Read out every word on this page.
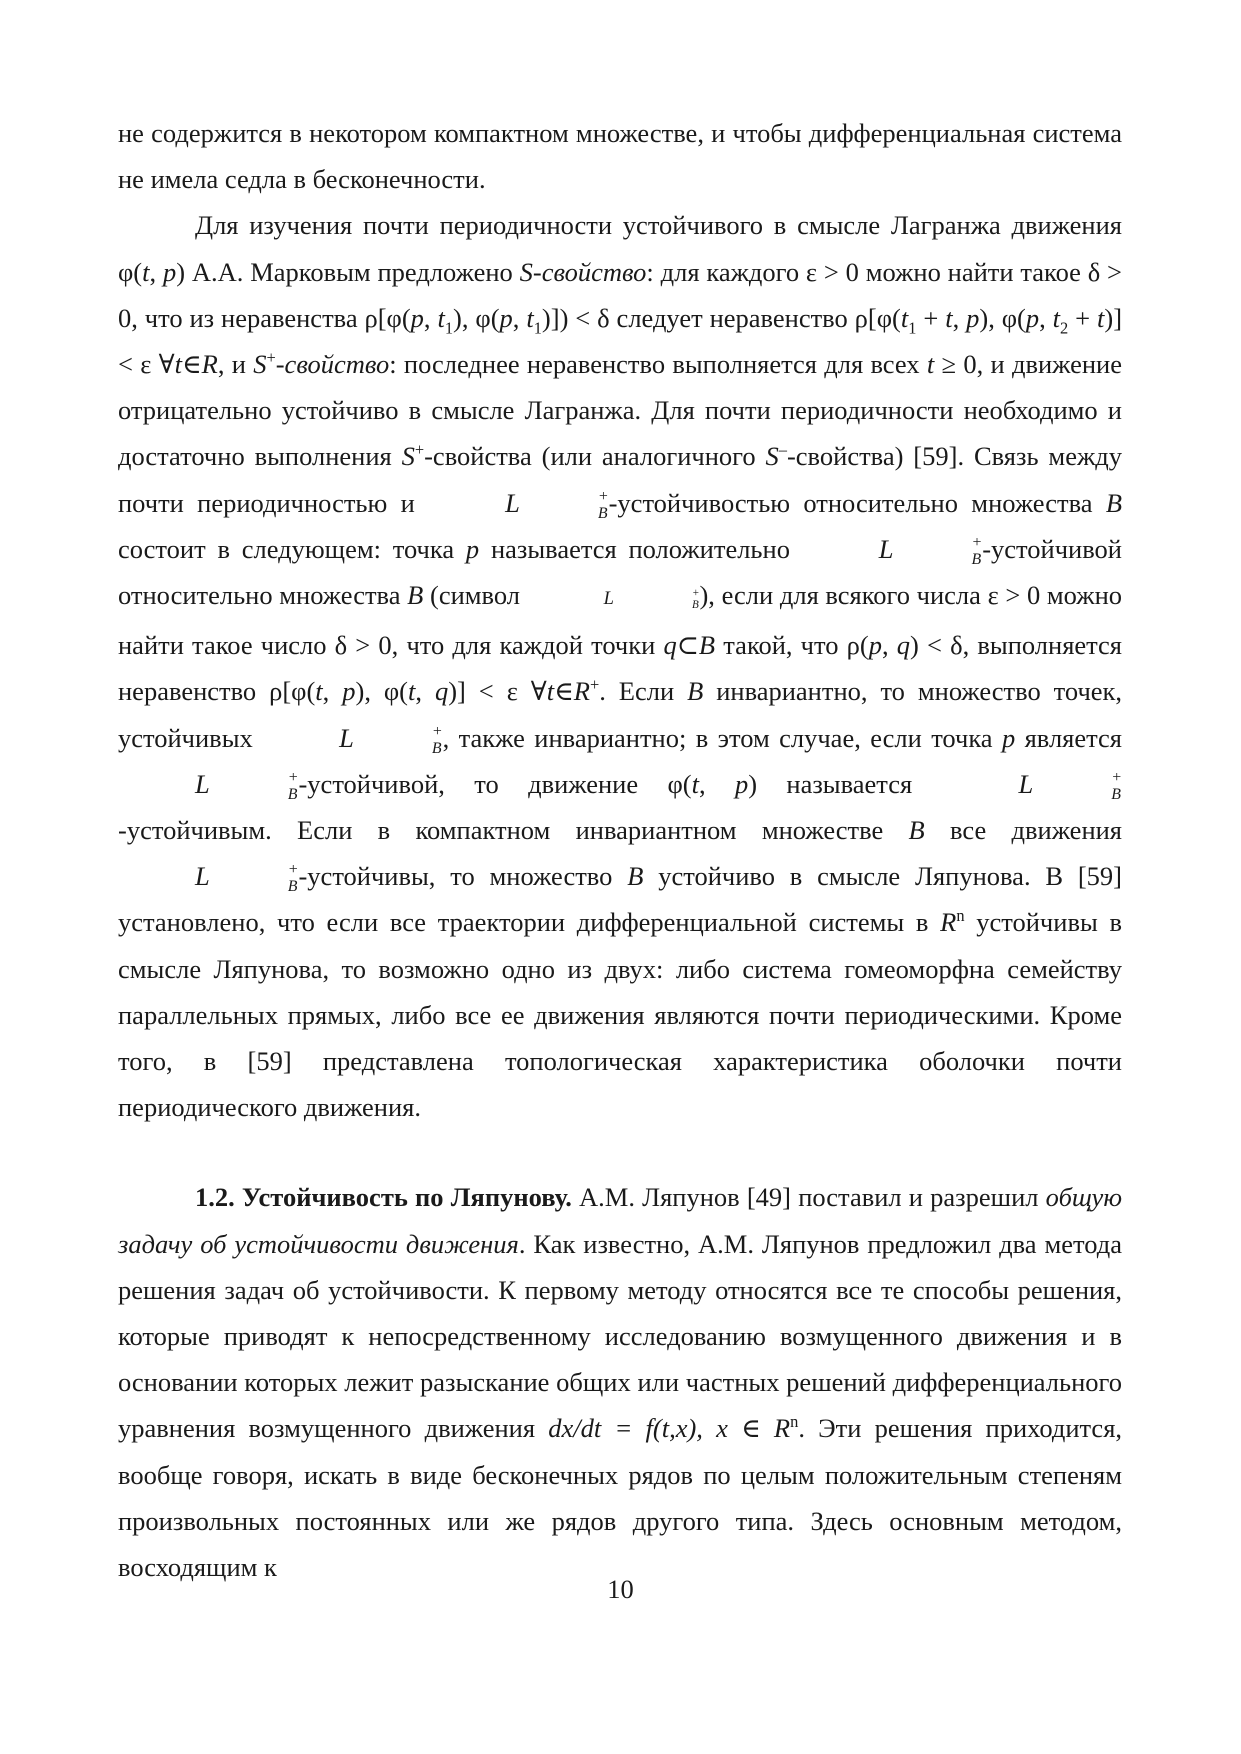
не содержится в некотором компактном множестве, и чтобы дифференциальная система не имела седла в бесконечности.

Для изучения почти периодичности устойчивого в смысле Лагранжа движения φ(t, p) А.А. Марковым предложено S-свойство: для каждого ε > 0 можно найти такое δ > 0, что из неравенства ρ[φ(p, $t_1$), φ(p, $t_1)]) < \delta$ следует неравенство $\rho[\varphi(t_1 + t$, p), φ(p, $t_2 + t)] < \varepsilon$ ∀t∈R, и S+-свойство: последнее неравенство выполняется для всех t ≥ 0, и движение отрицательно устойчиво в смысле Лагранжа. Для почти периодичности необходимо и достаточно выполнения S+-свойства (или аналогичного S–-свойства) [59]. Связь между почти периодичностью и	L	+
B -устойчивостью относительно множества B состоит в следующем: точка p называется положительно	L	+
B -устойчивой относительно множества B (символ	L	+
B ), если для всякого числа ε > 0 можно найти такое число δ > 0, что для каждой точки q⊂B такой, что ρ(p, q) < δ, выполняется неравенство ρ[φ(t, p), φ(t, q)] < ε ∀t∈R+. Если B инвариантно, то множество точек, устойчивых	L	+
B , также инвариантно; в этом случае, если точка p является L	+
B -устойчивой, то движение φ(t, p) называется	L	+
B
-устойчивым. Если в компактном инвариантном множестве B все движения L	+
B -устойчивы, то множество B устойчиво в смысле Ляпунова. В [59] установлено, что если все траектории дифференциальной системы в $R^n$ устойчивы в смысле Ляпунова, то возможно одно из двух: либо система гомеоморфна семейству параллельных прямых, либо все ее движения являются почти периодическими. Кроме того, в [59] представлена топологическая характеристика оболочки почти периодического движения.

1.2. Устойчивость по Ляпунову. А.М. Ляпунов [49] поставил и разрешил общую задачу об устойчивости движения. Как известно, А.М. Ляпунов предложил два метода решения задач об устойчивости. К первому методу относятся все те способы решения, которые приводят к непосредственному исследованию возмущенного движения и в основании которых лежит разыскание общих или частных решений дифференциального уравнения возмущенного движения dx/dt = f(t,x), x ∈ $R^n$. Эти решения приходится, вообще говоря, искать в виде бесконечных рядов по целым положительным степеням произвольных постоянных или же рядов другого типа. Здесь основным методом, восходящим к

10
